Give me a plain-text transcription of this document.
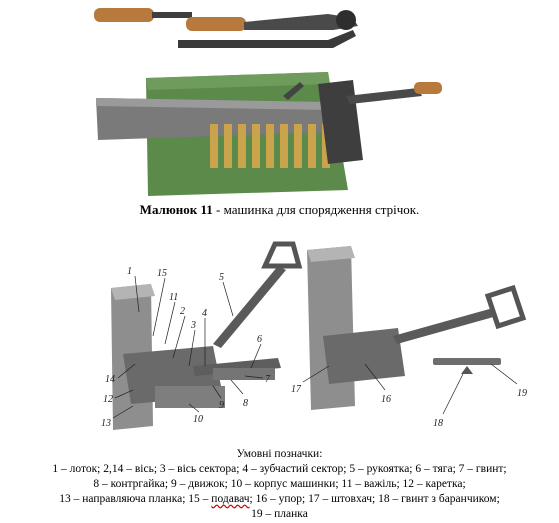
Малюнок 11 - машинка для спорядження стрічок.
1	15
11
2
3
4
5
6
7
14
12
13
9 8
10
17
16
18
19
Умовні позначки:
1 – лоток; 2,14 – вісь; 3 – вісь сектора; 4 – зубчастий сектор; 5 – рукоятка; 6 – тяга; 7 – гвинт;
8 – контргайка; 9 – движок; 10 – корпус машинки; 11 – важіль; 12 – каретка;
13 – направляюча планка; 15 – подавач; 16 – упор; 17 – штовхач; 18 – гвинт з баранчиком;
19 – планка
